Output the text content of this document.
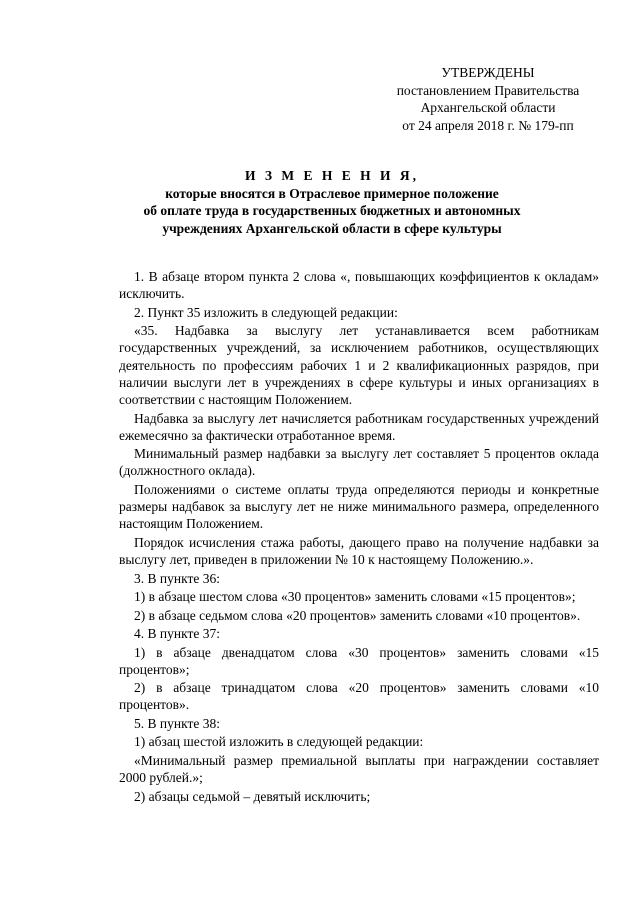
УТВЕРЖДЕНЫ
постановлением Правительства
Архангельской области
от 24 апреля 2018 г. № 179-пп
И З М Е Н Е Н И Я,
которые вносятся в Отраслевое примерное положение
об оплате труда в государственных бюджетных и автономных
учреждениях Архангельской области в сфере культуры

1. В абзаце втором пункта 2 слова «, повышающих коэффициентов к окладам» исключить.

2. Пункт 35 изложить в следующей редакции:

«35. Надбавка за выслугу лет устанавливается всем работникам государственных учреждений, за исключением работников, осуществляющих деятельность по профессиям рабочих 1 и 2 квалификационных разрядов, при наличии выслуги лет в учреждениях в сфере культуры и иных организациях в соответствии с настоящим Положением.

Надбавка за выслугу лет начисляется работникам государственных учреждений ежемесячно за фактически отработанное время.

Минимальный размер надбавки за выслугу лет составляет 5 процентов оклада (должностного оклада).

Положениями о системе оплаты труда определяются периоды и конкретные размеры надбавок за выслугу лет не ниже минимального размера, определенного настоящим Положением.

Порядок исчисления стажа работы, дающего право на получение надбавки за выслугу лет, приведен в приложении № 10 к настоящему Положению.».

3. В пункте 36:

1) в абзаце шестом слова «30 процентов» заменить словами «15 процентов»;

2) в абзаце седьмом слова «20 процентов» заменить словами «10 процентов».

4. В пункте 37:

1) в абзаце двенадцатом слова «30 процентов» заменить словами «15 процентов»;

2) в абзаце тринадцатом слова «20 процентов» заменить словами «10 процентов».

5. В пункте 38:

1) абзац шестой изложить в следующей редакции:

«Минимальный размер премиальной выплаты при награждении составляет 2000 рублей.»;

2) абзацы седьмой – девятый исключить;
